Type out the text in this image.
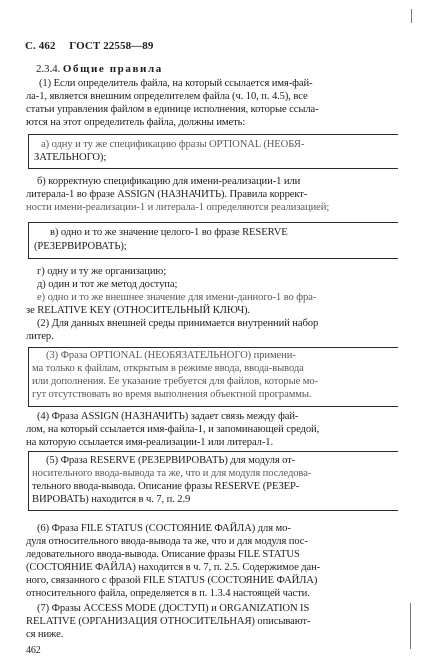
С. 462 ГОСТ 22558—89
2.3.4. Общие правила

(1) Если определитель файла, на который ссылается имя-фай-

ла-1, является внешним определителем файла (ч. 10, п. 4.5), все

статьи управления файлом в единице исполнения, которые ссыла-

ются на этот определитель файла, должны иметь:

а) одну и ту же спецификацию фразы OPTIONAL (НЕОБЯ-

ЗАТЕЛЬНОГО);

б) корректную спецификацию для имени-реализации-1 или

литерала-1 во фразе ASSIGN (НАЗНАЧИТЬ). Правила коррект-

ности имени-реализации-1 и литерала-1 определяются реализацией;

в) одно и то же значение целого-1 во фразе RESERVE

(РЕЗЕРВИРОВАТЬ);

г) одну и ту же организацию;

д) один и тот же метод доступа;

е) одно и то же внешнее значение для имени-данного-1 во фра-

зе RELATIVE KEY (ОТНОСИТЕЛЬНЫЙ КЛЮЧ).

(2) Для данных внешней среды принимается внутренний набор

литер.

(3) Фраза OPTIONAL (НЕОБЯЗАТЕЛЬНОГО) примени-

ма только к файлам, открытым в режиме ввода, ввода-вывода

или дополнения. Ее указание требуется для файлов, которые мо-

гут отсутствовать во время выполнения объектной программы.

(4) Фраза ASSIGN (НАЗНАЧИТЬ) задает связь между фай-

лом, на который ссылается имя-файла-1, и запоминающей средой,

на которую ссылается имя-реализации-1 или литерал-1.

(5) Фраза RESERVE (РЕЗЕРВИРОВАТЬ) для модуля от-

носительного ввода-вывода та же, что и для модуля последова-

тельного ввода-вывода. Описание фразы RESERVE (РЕЗЕР-

ВИРОВАТЬ) находится в ч. 7, п. 2.9

(6) Фраза FILE STATUS (СОСТОЯНИЕ ФАЙЛА) для мо-

дуля относительного ввода-вывода та же, что и для модуля пос-

ледовательного ввода-вывода. Описание фразы FILE STATUS

(СОСТОЯНИЕ ФАЙЛА) находится в ч. 7, п. 2.5. Содержимое дан-

ного, связанного с фразой FILE STATUS (СОСТОЯНИЕ ФАЙЛА)

относительного файла, определяется в п. 1.3.4 настоящей части.

(7) Фразы ACCESS MODE (ДОСТУП) и ORGANIZATION IS

RELATIVE (ОРГАНИЗАЦИЯ ОТНОСИТЕЛЬНАЯ) описывают-

ся ниже.

462
